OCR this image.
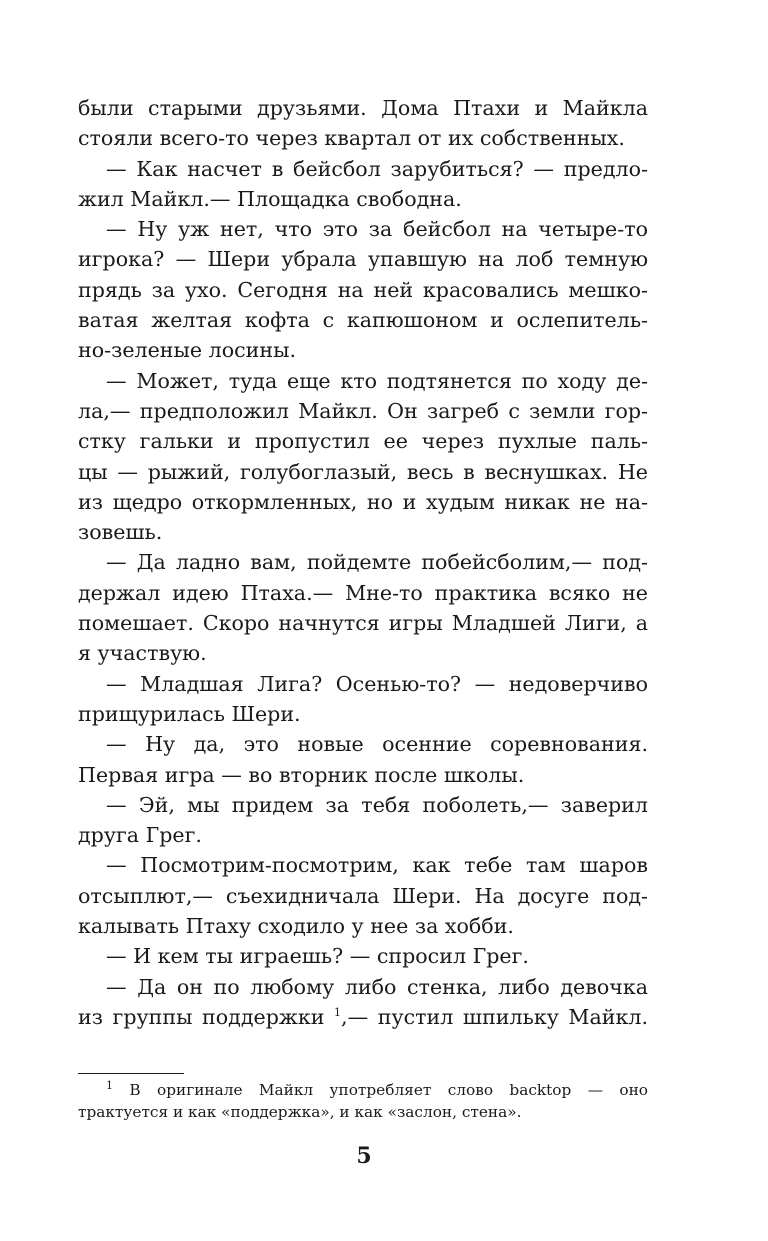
были старыми друзьями. Дома Птахи и Майкла
стояли всего-то через квартал от их собственных.
— Как насчет в бейсбол зарубиться? — предло-
жил Майкл.— Площадка свободна.
— Ну уж нет, что это за бейсбол на четыре-то
игрока? — Шери убрала упавшую на лоб темную
прядь за ухо. Сегодня на ней красовались мешко-
ватая желтая кофта с капюшоном и ослепитель-
но-зеленые лосины.
— Может, туда еще кто подтянется по ходу де-
ла,— предположил Майкл. Он загреб с земли гор-
стку гальки и пропустил ее через пухлые паль-
цы — рыжий, голубоглазый, весь в веснушках. Не
из щедро откормленных, но и худым никак не на-
зовешь.
— Да ладно вам, пойдемте побейсболим,— под-
держал идею Птаха.— Мне-то практика всяко не
помешает. Скоро начнутся игры Младшей Лиги, а
я участвую.
— Младшая Лига? Осенью-то? — недоверчиво
прищурилась Шери.
— Ну да, это новые осенние соревнования.
Первая игра — во вторник после школы.
— Эй, мы придем за тебя поболеть,— заверил
друга Грег.
— Посмотрим-посмотрим, как тебе там шаров
отсыплют,— съехидничала Шери. На досуге под-
калывать Птаху сходило у нее за хобби.
— И кем ты играешь? — спросил Грег.
— Да он по любому либо стенка, либо девочка
из группы поддержки $^1$,— пустил шпильку Майкл.
$^1$ В оригинале Майкл употребляет слово backtop — оно
трактуется и как «поддержка», и как «заслон, стена».
5
